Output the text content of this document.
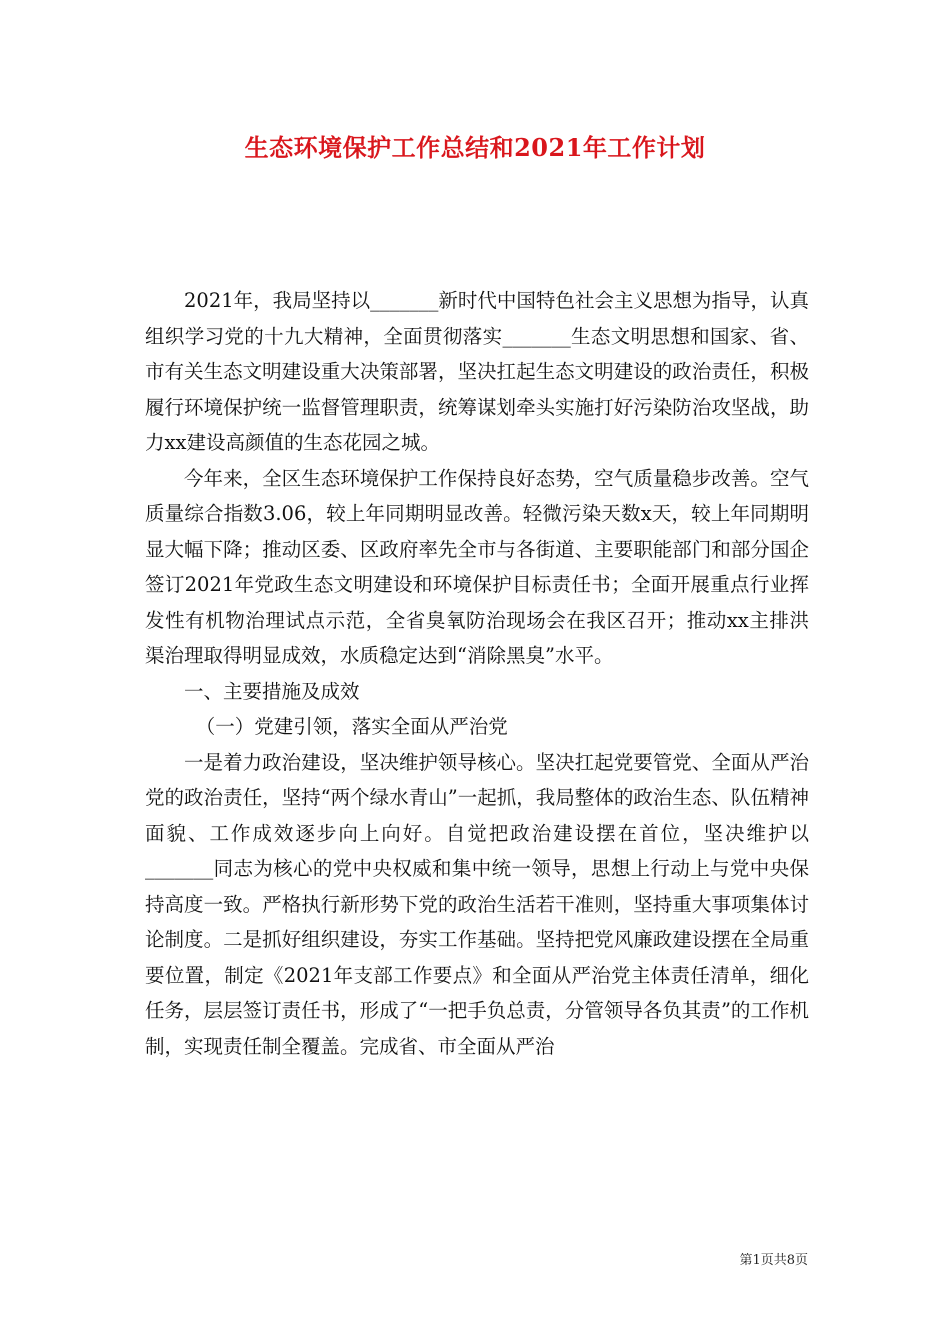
生态环境保护工作总结和2021年工作计划

2021年，我局坚持以_______新时代中国特色社会主义思想为指导，认真组织学习党的十九大精神，全面贯彻落实_______生态文明思想和国家、省、市有关生态文明建设重大决策部署，坚决扛起生态文明建设的政治责任，积极履行环境保护统一监督管理职责，统筹谋划牵头实施打好污染防治攻坚战，助力xx建设高颜值的生态花园之城。

今年来，全区生态环境保护工作保持良好态势，空气质量稳步改善。空气质量综合指数3.06，较上年同期明显改善。轻微污染天数x天，较上年同期明显大幅下降；推动区委、区政府率先全市与各街道、主要职能部门和部分国企签订2021年党政生态文明建设和环境保护目标责任书；全面开展重点行业挥发性有机物治理试点示范，全省臭氧防治现场会在我区召开；推动xx主排洪渠治理取得明显成效，水质稳定达到“消除黑臭”水平。

一、主要措施及成效

（一）党建引领，落实全面从严治党

一是着力政治建设，坚决维护领导核心。坚决扛起党要管党、全面从严治党的政治责任，坚持“两个绿水青山”一起抓，我局整体的政治生态、队伍精神面貌、工作成效逐步向上向好。自觉把政治建设摆在首位，坚决维护以_______同志为核心的党中央权威和集中统一领导，思想上行动上与党中央保持高度一致。严格执行新形势下党的政治生活若干准则，坚持重大事项集体讨论制度。二是抓好组织建设，夯实工作基础。坚持把党风廉政建设摆在全局重要位置，制定《2021年支部工作要点》和全面从严治党主体责任清单，细化任务，层层签订责任书，形成了“一把手负总责，分管领导各负其责”的工作机制，实现责任制全覆盖。完成省、市全面从严治

第1页共8页
